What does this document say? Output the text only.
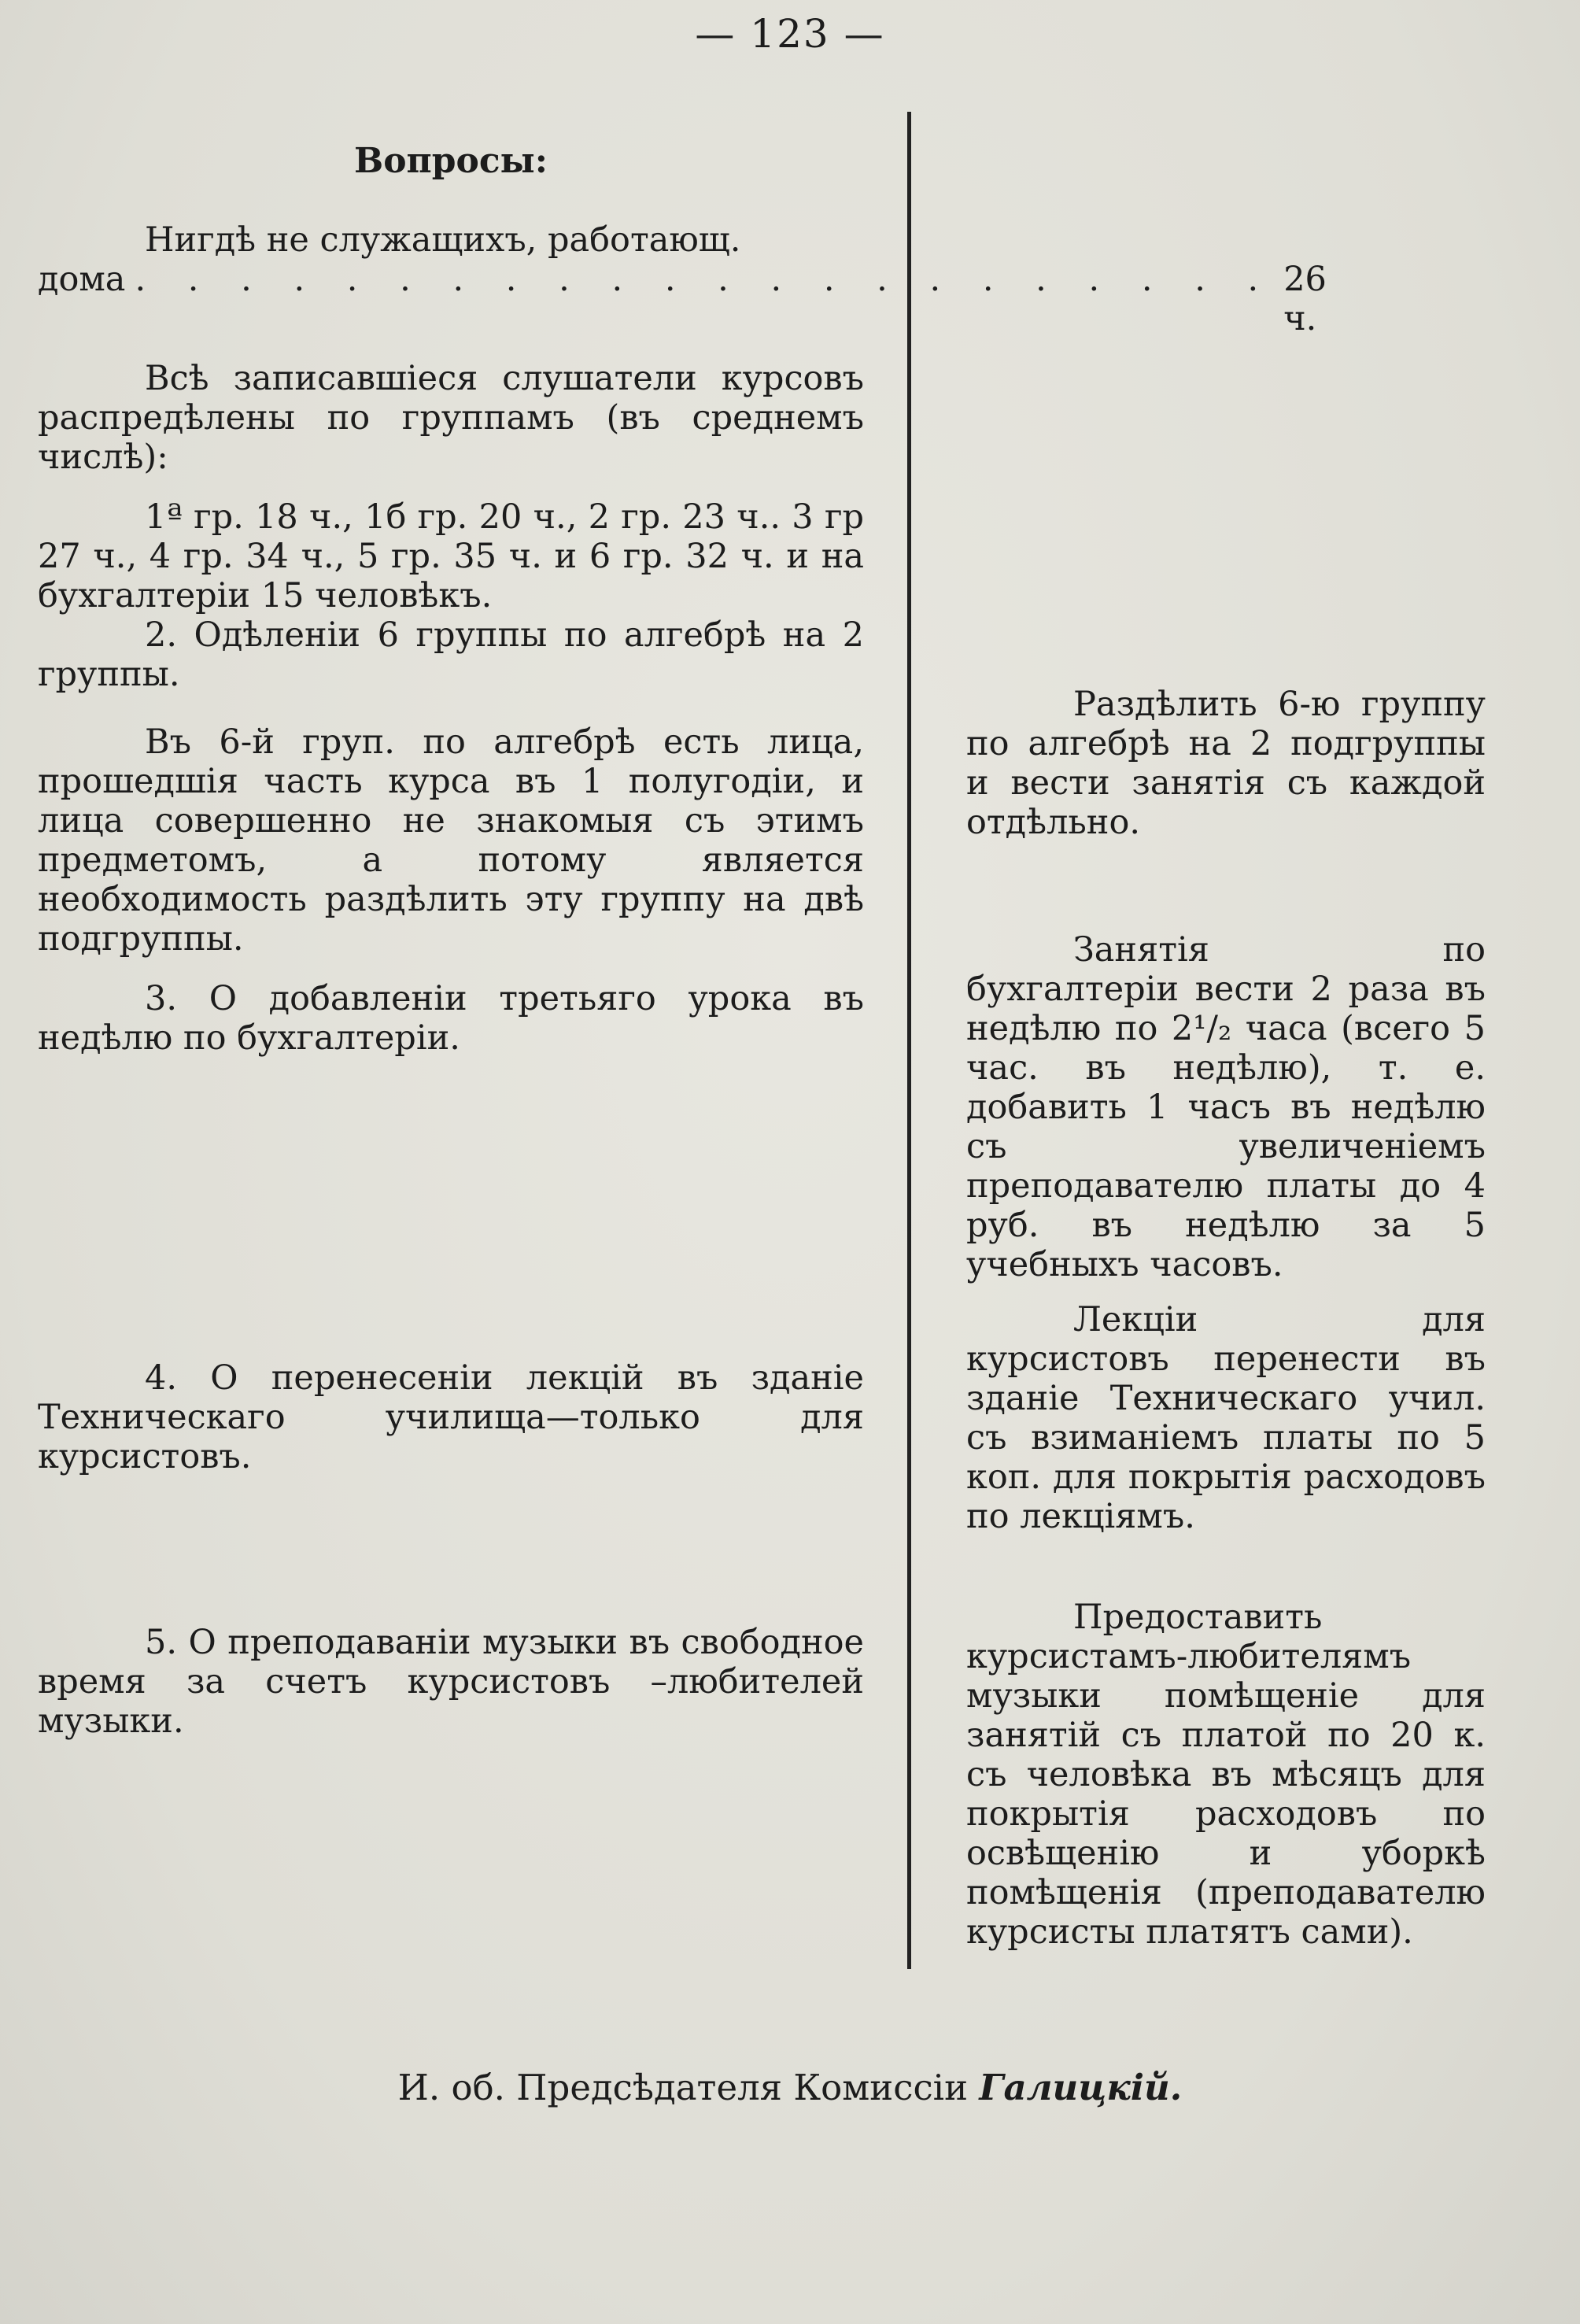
— 123 —
Вопросы:

Нигдѣ не служащихъ, работающ.

дома . . . . . . . . . . . . . . . . . . . . . . 26 ч.

Всѣ записавшіеся слушатели курсовъ распредѣлены по группамъ (въ среднемъ числѣ):

1ª гр. 18 ч., 1б гр. 20 ч., 2 гр. 23 ч.. 3 гр 27 ч., 4 гр. 34 ч., 5 гр. 35 ч. и 6 гр. 32 ч. и на бухгалтеріи 15 человѣкъ.

2. Одѣленіи 6 группы по алгебрѣ на 2 группы.

Въ 6-й груп. по алгебрѣ есть лица, прошедшія часть курса въ 1 полугодіи, и лица совершенно не знакомыя съ этимъ предметомъ, а потому является необходимость раздѣлить эту группу на двѣ подгруппы.

3. О добавленіи третьяго урока въ недѣлю по бухгалтеріи.

4. О перенесеніи лекцій въ зданіе Техническаго училища—только для курсистовъ.

5. О преподаваніи музыки въ свободное время за счетъ курсистовъ –любителей музыки.

Раздѣлить 6-ю группу по алгебрѣ на 2 подгруппы и вести занятія съ каждой отдѣльно.

Занятія по бухгалтеріи вести 2 раза въ недѣлю по 2¹/₂ часа (всего 5 час. въ недѣлю), т. е. добавить 1 часъ въ недѣлю съ увеличеніемъ преподавателю платы до 4 руб. въ недѣлю за 5 учебныхъ часовъ.

Лекціи для курсистовъ перенести въ зданіе Техническаго учил. съ взиманіемъ платы по 5 коп. для покрытія расходовъ по лекціямъ.

Предоставить курсистамъ-любителямъ музыки помѣщеніе для занятій съ платой по 20 к. съ человѣка въ мѣсяцъ для покрытія расходовъ по освѣщенію и уборкѣ помѣщенія (преподавателю курсисты платятъ сами).

И. об. Предсѣдателя Комиссіи Галицкій.
